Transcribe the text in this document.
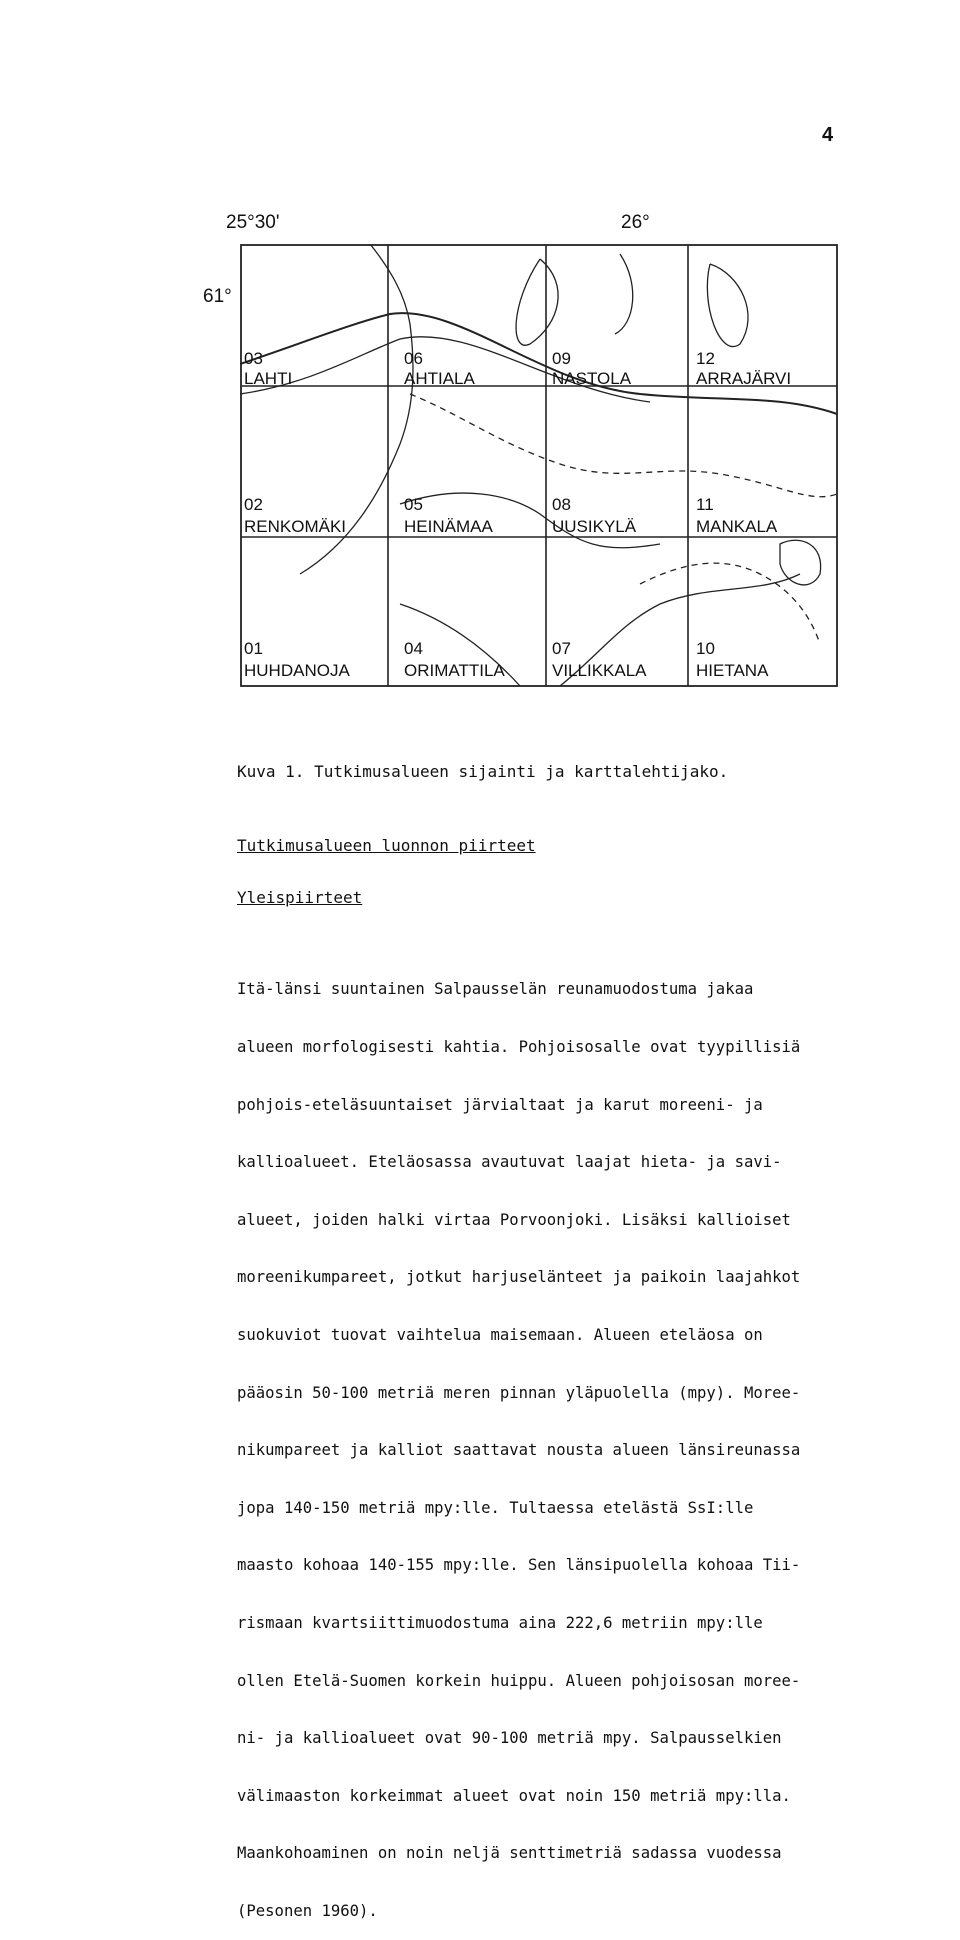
4
25°30'	26°
61°
03
LAHTI
06
AHTIALA
09
NASTOLA
12
ARRAJÄRVI
02
RENKOMÄKI
05
HEINÄMAA
08
UUSIKYLÄ
11
MANKALA
01
HUHDANOJA
04
ORIMATTILA
07
VILLIKKALA
10
HIETANA
Kuva 1. Tutkimusalueen sijainti ja karttalehtijako.
Tutkimusalueen luonnon piirteet
Yleispiirteet

Itä-länsi suuntainen Salpausselän reunamuodostuma jakaa

alueen morfologisesti kahtia. Pohjoisosalle ovat tyypillisiä

pohjois-eteläsuuntaiset järvialtaat ja karut moreeni- ja

kallioalueet. Eteläosassa avautuvat laajat hieta- ja savi-

alueet, joiden halki virtaa Porvoonjoki. Lisäksi kallioiset

moreenikumpareet, jotkut harjuselänteet ja paikoin laajahkot

suokuviot tuovat vaihtelua maisemaan. Alueen eteläosa on

pääosin 50-100 metriä meren pinnan yläpuolella (mpy). Moree-

nikumpareet ja kalliot saattavat nousta alueen länsireunassa

jopa 140-150 metriä mpy:lle. Tultaessa etelästä SsI:lle

maasto kohoaa 140-155 mpy:lle. Sen länsipuolella kohoaa Tii-

rismaan kvartsiittimuodostuma aina 222,6 metriin mpy:lle

ollen Etelä-Suomen korkein huippu. Alueen pohjoisosan moree-

ni- ja kallioalueet ovat 90-100 metriä mpy. Salpausselkien

välimaaston korkeimmat alueet ovat noin 150 metriä mpy:lla.

Maankohoaminen on noin neljä senttimetriä sadassa vuodessa

(Pesonen 1960).
